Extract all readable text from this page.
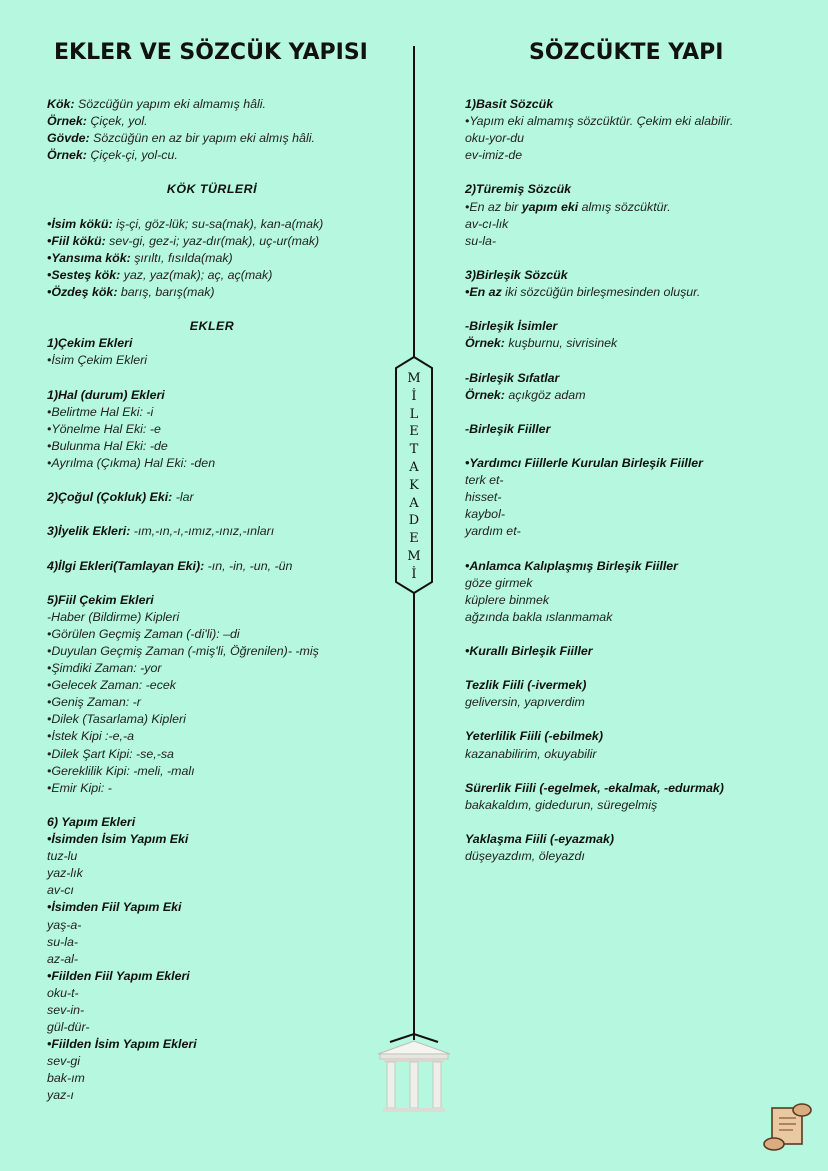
EKLER VE SÖZCÜK YAPISI
Kök: Sözcüğün yapım eki almamış hâli.
Örnek: Çiçek, yol.
Gövde: Sözcüğün en az bir yapım eki almış hâli.
Örnek: Çiçek-çi, yol-cu.
KÖK TÜRLERİ
•İsim kökü: iş-çi, göz-lük; su-sa(mak), kan-a(mak)
•Fiil kökü: sev-gi, gez-i; yaz-dır(mak), uç-ur(mak)
•Yansıma kök: şırıltı, fısılda(mak)
•Sesteş kök: yaz, yaz(mak); aç, aç(mak)
•Özdeş kök: barış, barış(mak)
EKLER
1)Çekim Ekleri
•İsim Çekim Ekleri
1)Hal (durum) Ekleri
•Belirtme Hal Eki: -i
•Yönelme Hal Eki: -e
•Bulunma Hal Eki: -de
•Ayrılma (Çıkma) Hal Eki: -den
2)Çoğul (Çokluk) Eki: -lar
3)İyelik Ekleri: -ım,-ın,-ı,-ımız,-ınız,-ınları
4)İlgi Ekleri(Tamlayan Eki): -ın, -in, -un, -ün
5)Fiil Çekim Ekleri
-Haber (Bildirme) Kipleri
•Görülen Geçmiş Zaman (-di'li): –di
•Duyulan Geçmiş Zaman (-miş'li, Öğrenilen)- -miş
•Şimdiki Zaman: -yor
•Gelecek Zaman: -ecek
•Geniş Zaman: -r
•Dilek (Tasarlama) Kipleri
•İstek Kipi :-e,-a
•Dilek Şart Kipi: -se,-sa
•Gereklilik Kipi: -meli, -malı
•Emir Kipi: -
6) Yapım Ekleri
•İsimden İsim Yapım Eki
tuz-lu
yaz-lık
av-cı
•İsimden Fiil Yapım Eki
yaş-a-
su-la-
az-al-
•Fiilden Fiil Yapım Ekleri
oku-t-
sev-in-
gül-dür-
•Fiilden İsim Yapım Ekleri
sev-gi
bak-ım
yaz-ı
SÖZCÜKTE YAPI
1)Basit Sözcük
•Yapım eki almamış sözcüktür. Çekim eki alabilir.
oku-yor-du
ev-imiz-de
2)Türemiş Sözcük
•En az bir yapım eki almış sözcüktür.
av-cı-lık
su-la-
3)Birleşik Sözcük
•En az iki sözcüğün birleşmesinden oluşur.
-Birleşik İsimler
Örnek: kuşburnu, sivrisinek
-Birleşik Sıfatlar
Örnek: açıkgöz adam
-Birleşik Fiiller
•Yardımcı Fiillerle Kurulan Birleşik Fiiller
terk et-
hisset-
kaybol-
yardım et-
•Anlamca Kalıplaşmış Birleşik Fiiller
göze girmek
küplere binmek
ağzında bakla ıslanmamak
•Kurallı Birleşik Fiiller
Tezlik Fiili (-ivermek)
geliversin, yapıverdim
Yeterlilik Fiili (-ebilmek)
kazanabilirim, okuyabilir
Sürerlik Fiili (-egelmek, -ekalmak, -edurmak)
bakakaldım, gidedurun, süregelmiş
Yaklaşma Fiili (-eyazmak)
düşeyazdım, öleyazdı
M
İ
L
E
T
A
K
A
D
E
M
İ
